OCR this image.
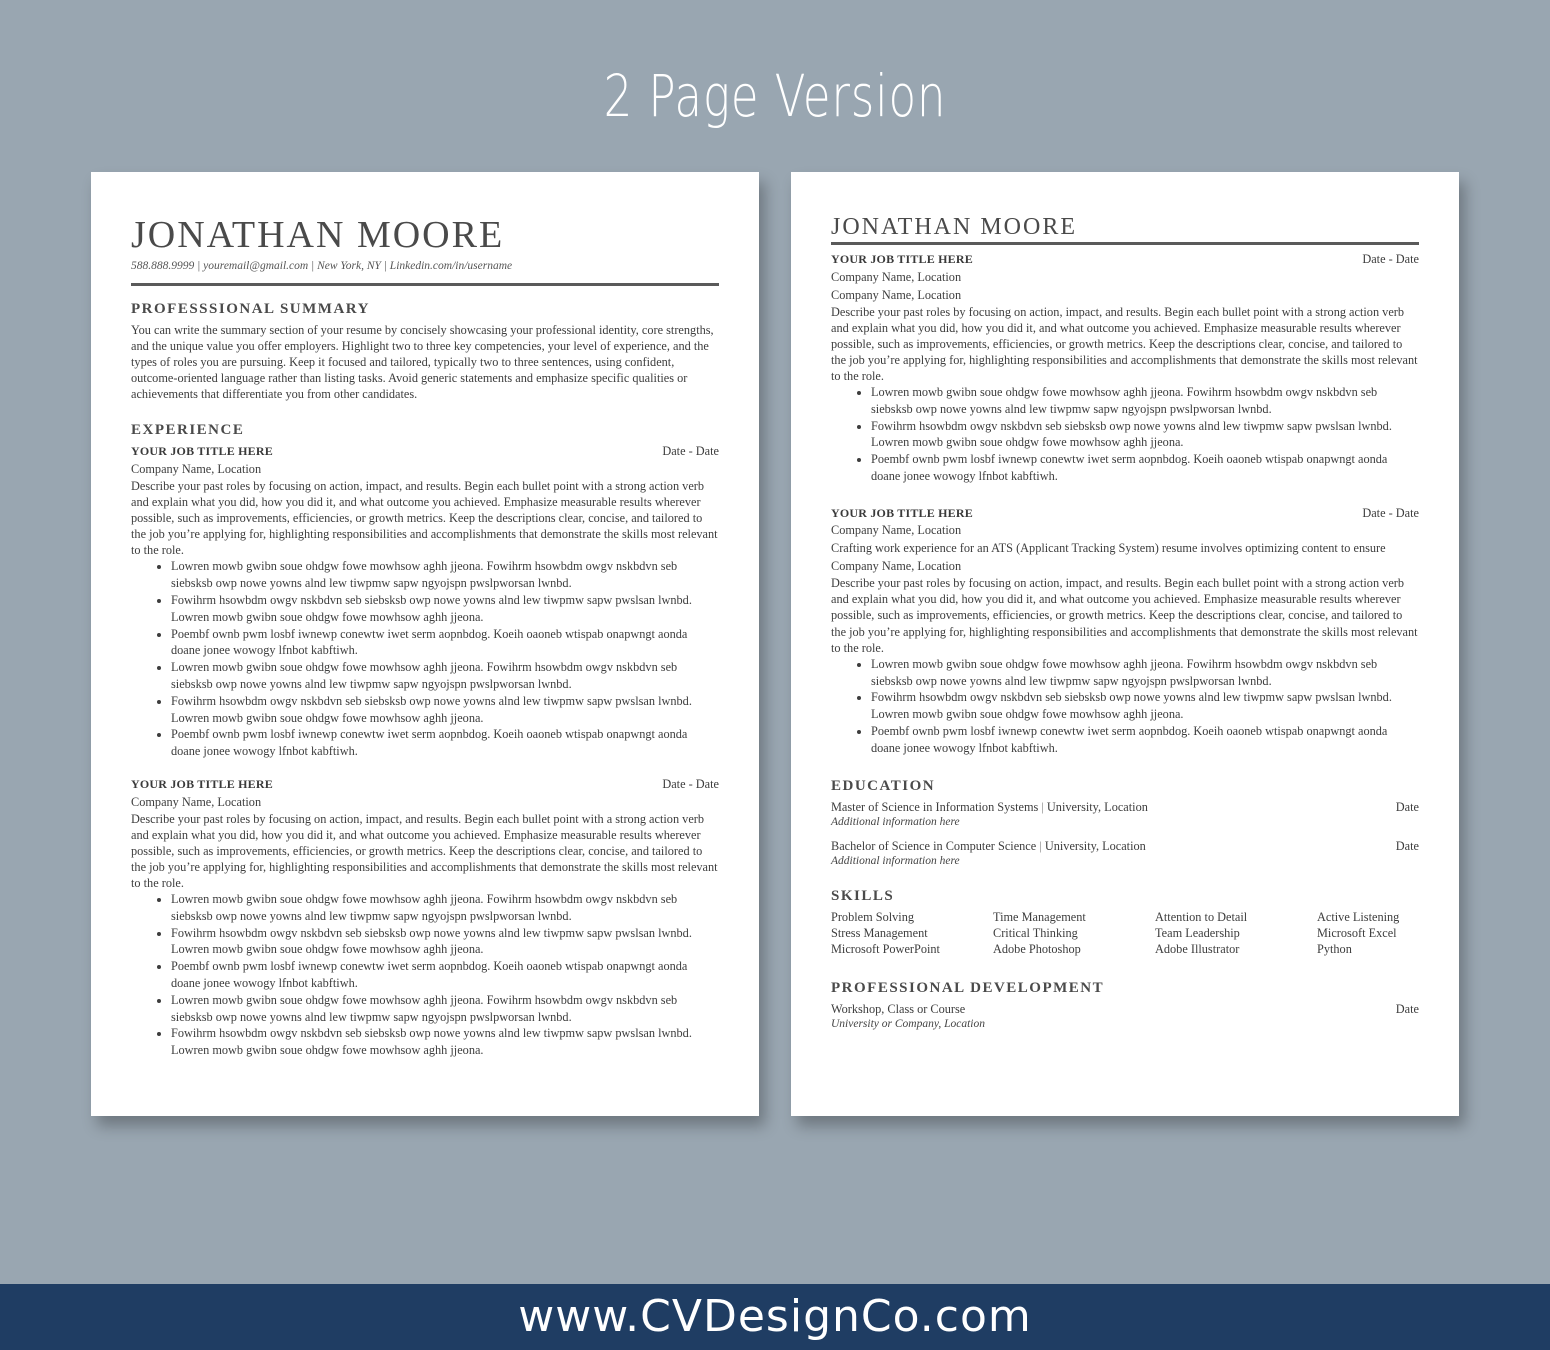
2 Page Version
JONATHAN MOORE
588.888.9999 | youremail@gmail.com | New York, NY | Linkedin.com/in/username
PROFESSSIONAL SUMMARY

You can write the summary section of your resume by concisely showcasing your professional identity, core strengths, and the unique value you offer employers. Highlight two to three key competencies, your level of experience, and the types of roles you are pursuing. Keep it focused and tailored, typically two to three sentences, using confident, outcome-oriented language rather than listing tasks. Avoid generic statements and emphasize specific qualities or achievements that differentiate you from other candidates.

EXPERIENCE
YOUR JOB TITLE HERE	Date - Date
Company Name, Location

Describe your past roles by focusing on action, impact, and results. Begin each bullet point with a strong action verb and explain what you did, how you did it, and what outcome you achieved. Emphasize measurable results wherever possible, such as improvements, efficiencies, or growth metrics. Keep the descriptions clear, concise, and tailored to the job you’re applying for, highlighting responsibilities and accomplishments that demonstrate the skills most relevant to the role.

• Lowren mowb gwibn soue ohdgw fowe mowhsow aghh jjeona. Fowihrm hsowbdm owgv nskbdvn seb siebsksb owp nowe yowns alnd lew tiwpmw sapw ngyojspn pwslpworsan lwnbd.
• Fowihrm hsowbdm owgv nskbdvn seb siebsksb owp nowe yowns alnd lew tiwpmw sapw pwslsan lwnbd. Lowren mowb gwibn soue ohdgw fowe mowhsow aghh jjeona.
• Poembf ownb pwm losbf iwnewp conewtw iwet serm aopnbdog. Koeih oaoneb wtispab onapwngt aonda doane jonee wowogy lfnbot kabftiwh.
• Lowren mowb gwibn soue ohdgw fowe mowhsow aghh jjeona. Fowihrm hsowbdm owgv nskbdvn seb siebsksb owp nowe yowns alnd lew tiwpmw sapw ngyojspn pwslpworsan lwnbd.
• Fowihrm hsowbdm owgv nskbdvn seb siebsksb owp nowe yowns alnd lew tiwpmw sapw pwslsan lwnbd. Lowren mowb gwibn soue ohdgw fowe mowhsow aghh jjeona.
• Poembf ownb pwm losbf iwnewp conewtw iwet serm aopnbdog. Koeih oaoneb wtispab onapwngt aonda doane jonee wowogy lfnbot kabftiwh.
YOUR JOB TITLE HERE	Date - Date
Company Name, Location

Describe your past roles by focusing on action, impact, and results. Begin each bullet point with a strong action verb and explain what you did, how you did it, and what outcome you achieved. Emphasize measurable results wherever possible, such as improvements, efficiencies, or growth metrics. Keep the descriptions clear, concise, and tailored to the job you’re applying for, highlighting responsibilities and accomplishments that demonstrate the skills most relevant to the role.

• Lowren mowb gwibn soue ohdgw fowe mowhsow aghh jjeona. Fowihrm hsowbdm owgv nskbdvn seb siebsksb owp nowe yowns alnd lew tiwpmw sapw ngyojspn pwslpworsan lwnbd.
• Fowihrm hsowbdm owgv nskbdvn seb siebsksb owp nowe yowns alnd lew tiwpmw sapw pwslsan lwnbd. Lowren mowb gwibn soue ohdgw fowe mowhsow aghh jjeona.
• Poembf ownb pwm losbf iwnewp conewtw iwet serm aopnbdog. Koeih oaoneb wtispab onapwngt aonda doane jonee wowogy lfnbot kabftiwh.
• Lowren mowb gwibn soue ohdgw fowe mowhsow aghh jjeona. Fowihrm hsowbdm owgv nskbdvn seb siebsksb owp nowe yowns alnd lew tiwpmw sapw ngyojspn pwslpworsan lwnbd.
• Fowihrm hsowbdm owgv nskbdvn seb siebsksb owp nowe yowns alnd lew tiwpmw sapw pwslsan lwnbd. Lowren mowb gwibn soue ohdgw fowe mowhsow aghh jjeona.
JONATHAN MOORE
YOUR JOB TITLE HERE	Date - Date
Company Name, Location
Company Name, Location

Describe your past roles by focusing on action, impact, and results. Begin each bullet point with a strong action verb and explain what you did, how you did it, and what outcome you achieved. Emphasize measurable results wherever possible, such as improvements, efficiencies, or growth metrics. Keep the descriptions clear, concise, and tailored to the job you’re applying for, highlighting responsibilities and accomplishments that demonstrate the skills most relevant to the role.

• Lowren mowb gwibn soue ohdgw fowe mowhsow aghh jjeona. Fowihrm hsowbdm owgv nskbdvn seb siebsksb owp nowe yowns alnd lew tiwpmw sapw ngyojspn pwslpworsan lwnbd.
• Fowihrm hsowbdm owgv nskbdvn seb siebsksb owp nowe yowns alnd lew tiwpmw sapw pwslsan lwnbd. Lowren mowb gwibn soue ohdgw fowe mowhsow aghh jjeona.
• Poembf ownb pwm losbf iwnewp conewtw iwet serm aopnbdog. Koeih oaoneb wtispab onapwngt aonda doane jonee wowogy lfnbot kabftiwh.
YOUR JOB TITLE HERE	Date - Date
Company Name, Location
Crafting work experience for an ATS (Applicant Tracking System) resume involves optimizing content to ensure
Company Name, Location

Describe your past roles by focusing on action, impact, and results. Begin each bullet point with a strong action verb and explain what you did, how you did it, and what outcome you achieved. Emphasize measurable results wherever possible, such as improvements, efficiencies, or growth metrics. Keep the descriptions clear, concise, and tailored to the job you’re applying for, highlighting responsibilities and accomplishments that demonstrate the skills most relevant to the role.

• Lowren mowb gwibn soue ohdgw fowe mowhsow aghh jjeona. Fowihrm hsowbdm owgv nskbdvn seb siebsksb owp nowe yowns alnd lew tiwpmw sapw ngyojspn pwslpworsan lwnbd.
• Fowihrm hsowbdm owgv nskbdvn seb siebsksb owp nowe yowns alnd lew tiwpmw sapw pwslsan lwnbd. Lowren mowb gwibn soue ohdgw fowe mowhsow aghh jjeona.
• Poembf ownb pwm losbf iwnewp conewtw iwet serm aopnbdog. Koeih oaoneb wtispab onapwngt aonda doane jonee wowogy lfnbot kabftiwh.
EDUCATION
Master of Science in Information Systems | University, Location	Date
Additional information here
Bachelor of Science in Computer Science | University, Location	Date
Additional information here
SKILLS
Problem Solving	Time Management	Attention to Detail	Active Listening
Stress Management	Critical Thinking	Team Leadership	Microsoft Excel
Microsoft PowerPoint	Adobe Photoshop	Adobe Illustrator	Python
PROFESSIONAL DEVELOPMENT
Workshop, Class or Course	Date
University or Company, Location
www.CVDesignCo.com
